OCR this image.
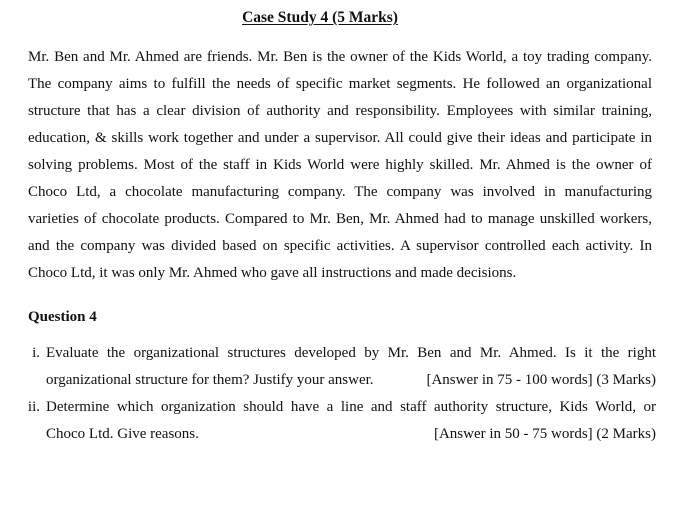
Case Study 4 (5 Marks)

Mr. Ben and Mr. Ahmed are friends. Mr. Ben is the owner of the Kids World, a toy trading company.
The company aims to fulfill the needs of specific market segments. He followed an organizational
structure that has a clear division of authority and responsibility. Employees with similar training,
education, & skills work together and under a supervisor. All could give their ideas and participate in
solving problems. Most of the staff in Kids World were highly skilled. Mr. Ahmed is the owner of
Choco Ltd, a chocolate manufacturing company. The company was involved in manufacturing
varieties of chocolate products. Compared to Mr. Ben, Mr. Ahmed had to manage unskilled workers,
and the company was divided based on specific activities. A supervisor controlled each activity. In
Choco Ltd, it was only Mr. Ahmed who gave all instructions and made decisions.

Question 4
i. Evaluate the organizational structures developed by Mr. Ben and Mr. Ahmed. Is it the right
organizational structure for them? Justify your answer.	[Answer in 75 - 100 words] (3 Marks)
ii. Determine which organization should have a line and staff authority structure, Kids World, or
Choco Ltd. Give reasons.	[Answer in 50 - 75 words] (2 Marks)
